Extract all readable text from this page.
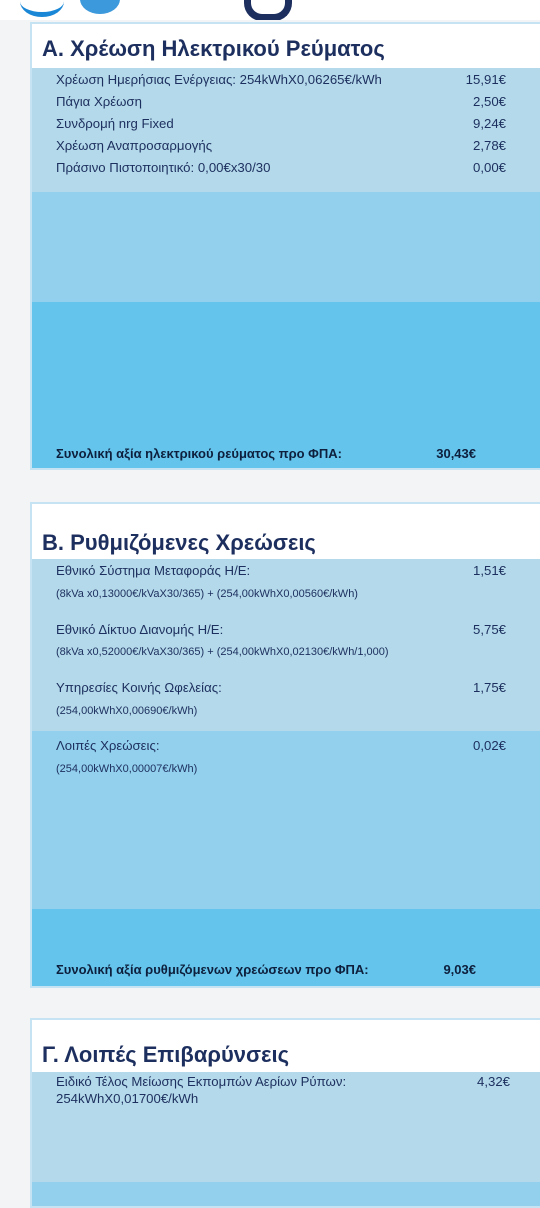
Α. Χρέωση Ηλεκτρικού Ρεύματος
Χρέωση Ημερήσιας Ενέργειας: 254kWhX0,06265€/kWh	15,91€
Πάγια Χρέωση	2,50€
Συνδρομή nrg Fixed	9,24€
Χρέωση Αναπροσαρμογής	2,78€
Πράσινο Πιστοποιητικό: 0,00€x30/30	0,00€
Συνολική αξία ηλεκτρικού ρεύματος προ ΦΠΑ:	30,43€
Β. Ρυθμιζόμενες Χρεώσεις
Εθνικό Σύστημα Μεταφοράς Η/Ε:	1,51€
(8kVa x0,13000€/kVaX30/365) + (254,00kWhX0,00560€/kWh)
Εθνικό Δίκτυο Διανομής Η/Ε:	5,75€
(8kVa x0,52000€/kVaX30/365) + (254,00kWhX0,02130€/kWh/1,000)
Υπηρεσίες Κοινής Ωφελείας:	1,75€
(254,00kWhX0,00690€/kWh)
Λοιπές Χρεώσεις:	0,02€
(254,00kWhX0,00007€/kWh)
Συνολική αξία ρυθμιζόμενων χρεώσεων προ ΦΠΑ:	9,03€
Γ. Λοιπές Επιβαρύνσεις
Ειδικό Τέλος Μείωσης Εκπομπών Αερίων Ρύπων:	4,32€
254kWhX0,01700€/kWh
